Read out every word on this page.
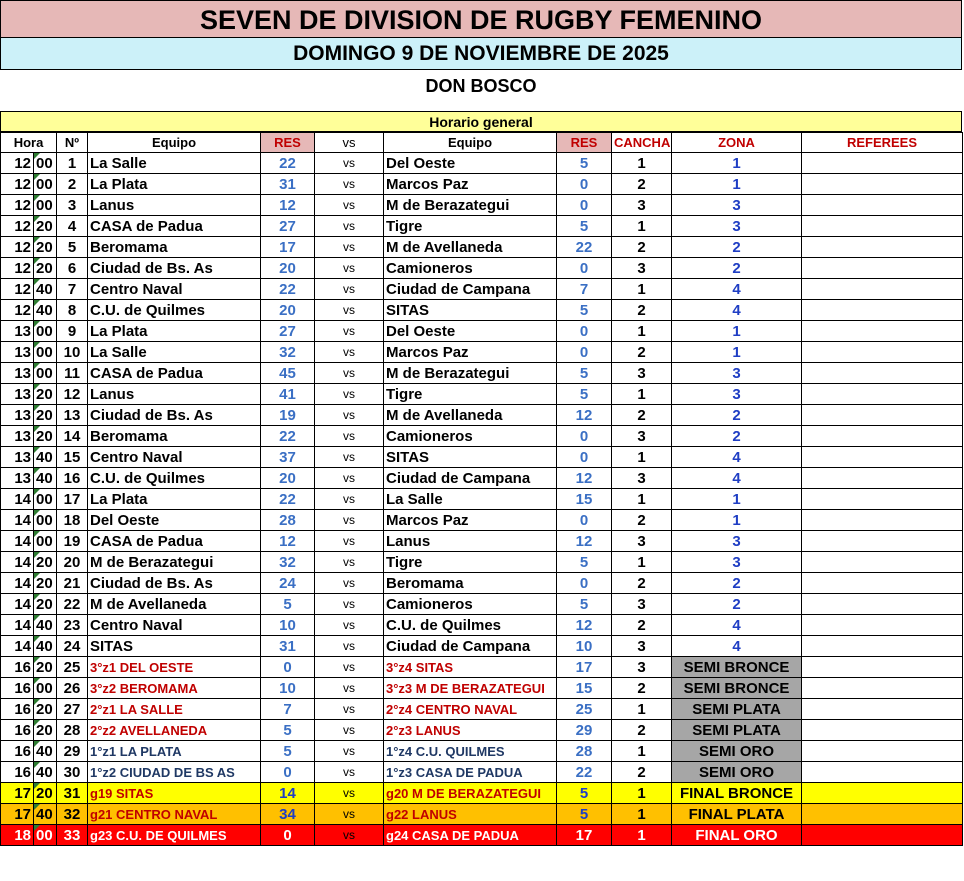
SEVEN DE DIVISION DE RUGBY FEMENINO
DOMINGO 9 DE NOVIEMBRE DE 2025
DON BOSCO
Horario general
Hora		Nº	Equipo	RES	vs	Equipo	RES	CANCHA	ZONA	REFEREES
12	00	1	La Salle	22	vs	Del Oeste	5	1	1	
12	00	2	La Plata	31	vs	Marcos Paz	0	2	1	
12	00	3	Lanus	12	vs	M de Berazategui	0	3	3	
12	20	4	CASA de Padua	27	vs	Tigre	5	1	3	
12	20	5	Beromama	17	vs	M de Avellaneda	22	2	2	
12	20	6	Ciudad de Bs. As	20	vs	Camioneros	0	3	2	
12	40	7	Centro Naval	22	vs	Ciudad de Campana	7	1	4	
12	40	8	C.U. de Quilmes	20	vs	SITAS	5	2	4	
13	00	9	La Plata	27	vs	Del Oeste	0	1	1	
13	00	10	La Salle	32	vs	Marcos Paz	0	2	1	
13	00	11	CASA de Padua	45	vs	M de Berazategui	5	3	3	
13	20	12	Lanus	41	vs	Tigre	5	1	3	
13	20	13	Ciudad de Bs. As	19	vs	M de Avellaneda	12	2	2	
13	20	14	Beromama	22	vs	Camioneros	0	3	2	
13	40	15	Centro Naval	37	vs	SITAS	0	1	4	
13	40	16	C.U. de Quilmes	20	vs	Ciudad de Campana	12	3	4	
14	00	17	La Plata	22	vs	La Salle	15	1	1	
14	00	18	Del Oeste	28	vs	Marcos Paz	0	2	1	
14	00	19	CASA de Padua	12	vs	Lanus	12	3	3	
14	20	20	M de Berazategui	32	vs	Tigre	5	1	3	
14	20	21	Ciudad de Bs. As	24	vs	Beromama	0	2	2	
14	20	22	M de Avellaneda	5	vs	Camioneros	5	3	2	
14	40	23	Centro Naval	10	vs	C.U. de Quilmes	12	2	4	
14	40	24	SITAS	31	vs	Ciudad de Campana	10	3	4	
16	20	25	3°z1 DEL OESTE	0	vs	3°z4 SITAS	17	3	SEMI BRONCE	
16	00	26	3°z2 BEROMAMA	10	vs	3°z3 M DE BERAZATEGUI	15	2	SEMI BRONCE	
16	20	27	2°z1 LA SALLE	7	vs	2°z4 CENTRO NAVAL	25	1	SEMI PLATA	
16	20	28	2°z2 AVELLANEDA	5	vs	2°z3 LANUS	29	2	SEMI PLATA	
16	40	29	1°z1 LA PLATA	5	vs	1°z4 C.U. QUILMES	28	1	SEMI ORO	
16	40	30	1°z2 CIUDAD DE BS AS	0	vs	1°z3 CASA DE PADUA	22	2	SEMI ORO	
17	20	31	g19 SITAS	14	vs	g20 M DE BERAZATEGUI	5	1	FINAL BRONCE	
17	40	32	g21 CENTRO NAVAL	34	vs	g22 LANUS	5	1	FINAL PLATA	
18	00	33	g23 C.U. DE QUILMES	0	vs	g24 CASA DE PADUA	17	1	FINAL ORO	
